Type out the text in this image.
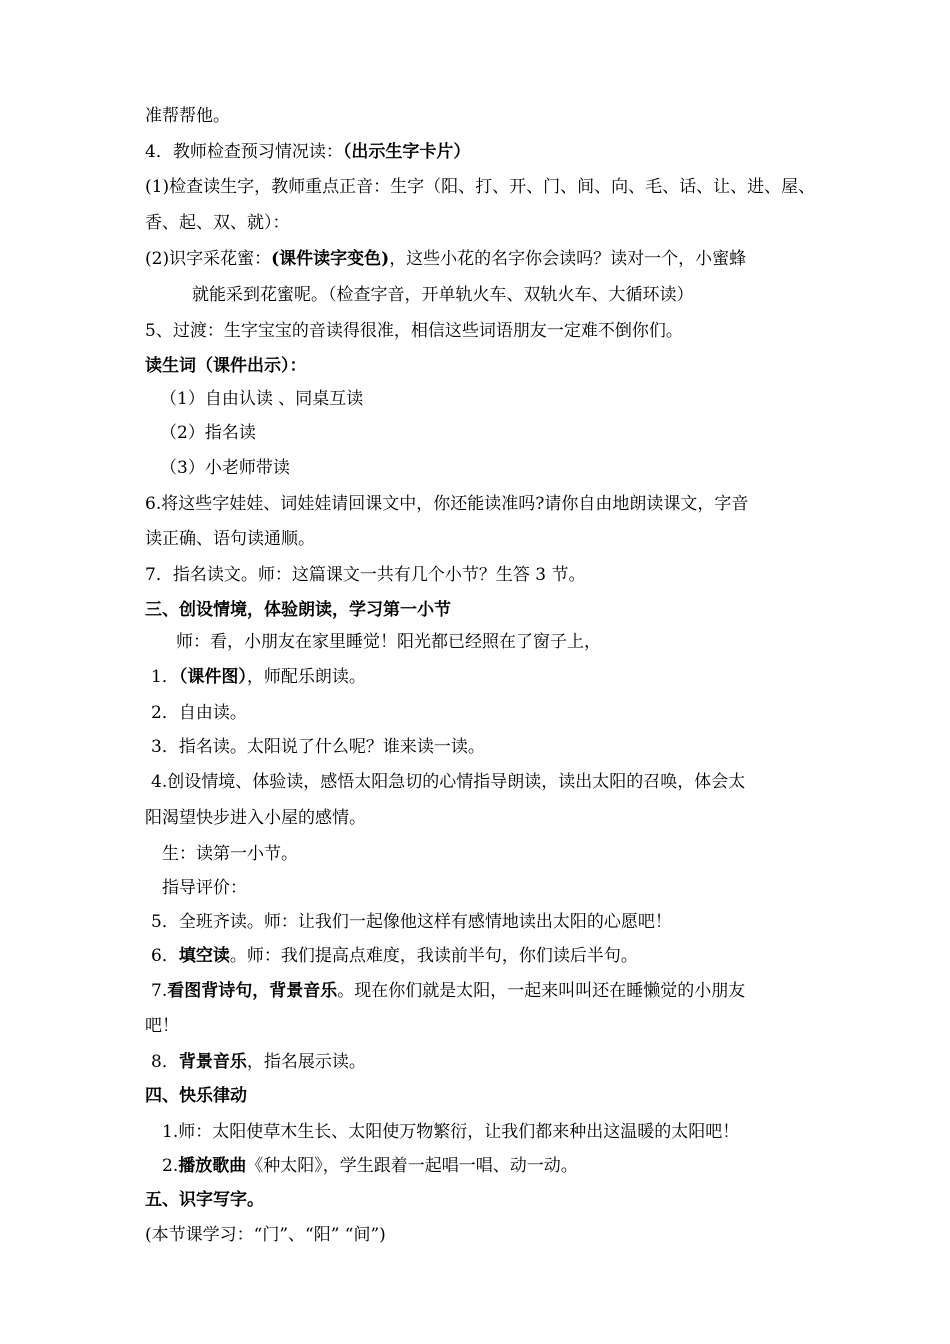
准帮帮他。
4．教师检查预习情况读：（出示生字卡片）
(1)检查读生字，教师重点正音：生字（阳、打、开、门、间、向、毛、话、让、进、屋、
香、起、双、就）：
(2)识字采花蜜：(课件读字变色)，这些小花的名字你会读吗？读对一个，小蜜蜂
就能采到花蜜呢。（检查字音，开单轨火车、双轨火车、大循环读）
5、过渡：生字宝宝的音读得很准，相信这些词语朋友一定难不倒你们。
读生词（课件出示）：
（1）自由认读 、同桌互读
（2）指名读
（3）小老师带读
6.将这些字娃娃、词娃娃请回课文中，你还能读准吗?请你自由地朗读课文，字音
读正确、语句读通顺。
7．指名读文。师：这篇课文一共有几个小节？生答 3 节。
三、创设情境，体验朗读，学习第一小节
师：看，小朋友在家里睡觉！阳光都已经照在了窗子上，
1．（课件图），师配乐朗读。
2．自由读。
3．指名读。太阳说了什么呢？谁来读一读。
4.创设情境、体验读，感悟太阳急切的心情指导朗读，读出太阳的召唤，体会太
阳渴望快步进入小屋的感情。
生：读第一小节。
指导评价：
5．全班齐读。师：让我们一起像他这样有感情地读出太阳的心愿吧！
6．填空读。师：我们提高点难度，我读前半句，你们读后半句。
7.看图背诗句，背景音乐。现在你们就是太阳，一起来叫叫还在睡懒觉的小朋友
吧！
8．背景音乐，指名展示读。
四、快乐律动
1.师：太阳使草木生长、太阳使万物繁衍，让我们都来种出这温暖的太阳吧！
2.播放歌曲《种太阳》，学生跟着一起唱一唱、动一动。
五、识字写字。
(本节课学习：“门”、“阳” “间”)
